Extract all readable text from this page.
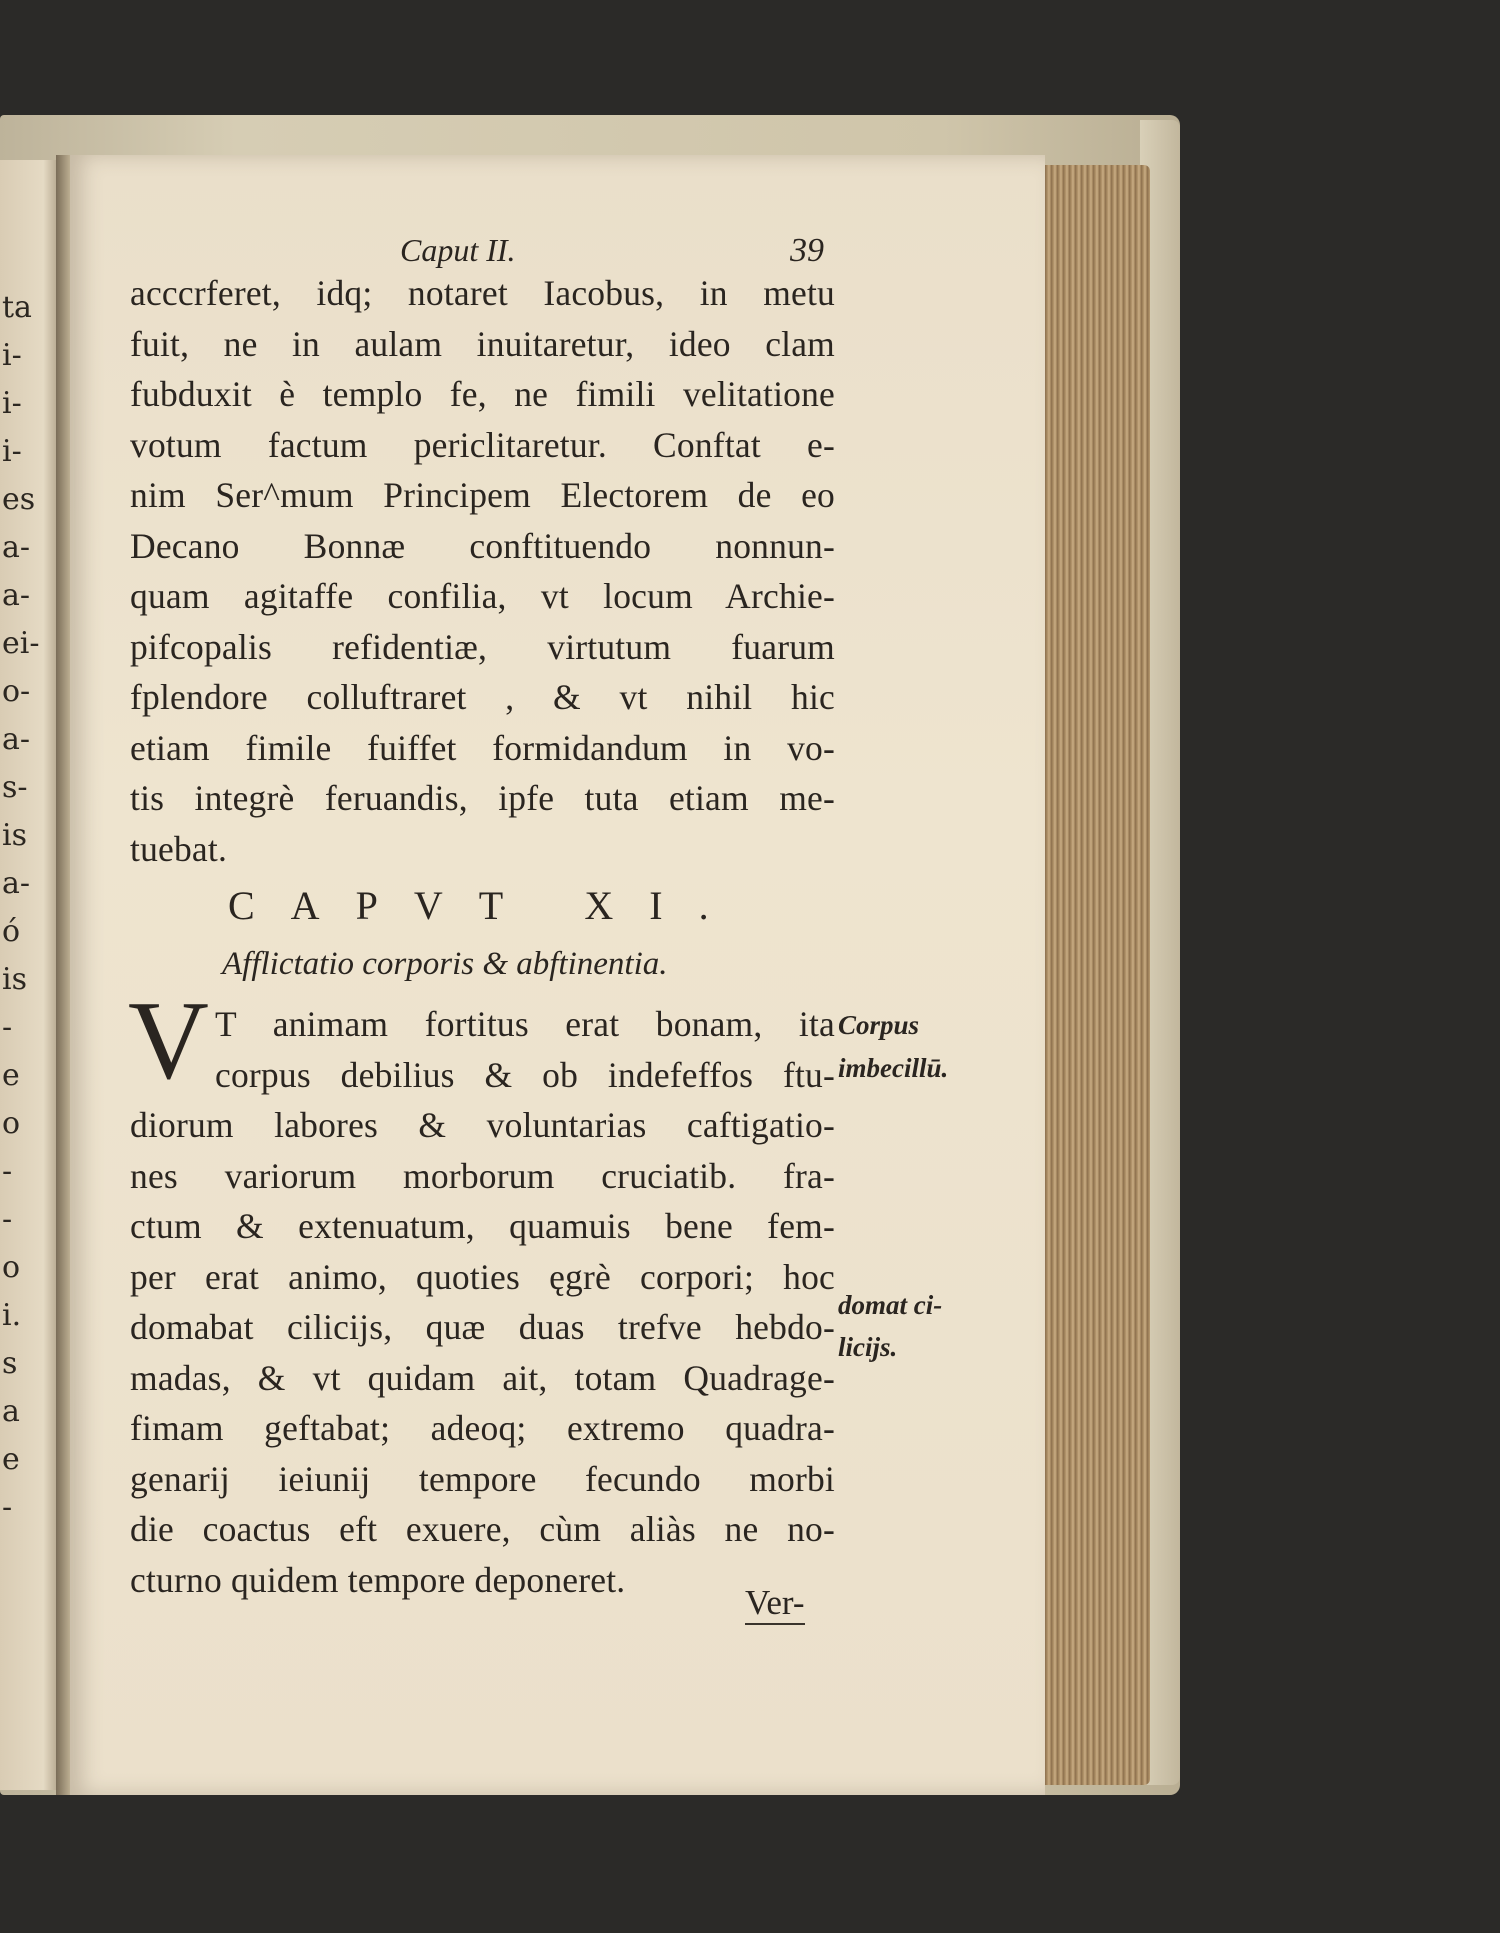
ta
i-
i-
i-
es
a-
a-
ei-
o-
a-
s-
is
a-
ó
is
-
e
o
-
-
o
i.
s
a
e
-
Caput II.	39
acccrferet, idq; notaret Iacobus, in metu
fuit, ne in aulam inuitaretur, ideo clam
fubduxit è templo fe, ne fimili velitatione
votum factum periclitaretur. Conftat e-
nim Ser^mum Principem Electorem de eo
Decano Bonnæ conftituendo nonnun-
quam agitaffe confilia, vt locum Archie-
pifcopalis refidentiæ, virtutum fuarum
fplendore colluftraret , & vt nihil hic
etiam fimile fuiffet formidandum in vo-
tis integrè feruandis, ipfe tuta etiam me-
tuebat.
CAPVT XI.
Afflictatio corporis & abftinentia.
V T animam fortitus erat bonam, ita
corpus debilius & ob indefeffos ftu-
diorum labores & voluntarias caftigatio-
nes variorum morborum cruciatib. fra-
ctum & extenuatum, quamuis bene fem-
per erat animo, quoties ęgrè corpori; hoc
domabat cilicijs, quæ duas trefve hebdo-
madas, & vt quidam ait, totam Quadrage-
fimam geftabat; adeoq; extremo quadra-
genarij ieiunij tempore fecundo morbi
die coactus eft exuere, cùm aliàs ne no-
cturno quidem tempore deponeret.
Corpus
imbecillū.
domat ci-
licijs.
Ver-
